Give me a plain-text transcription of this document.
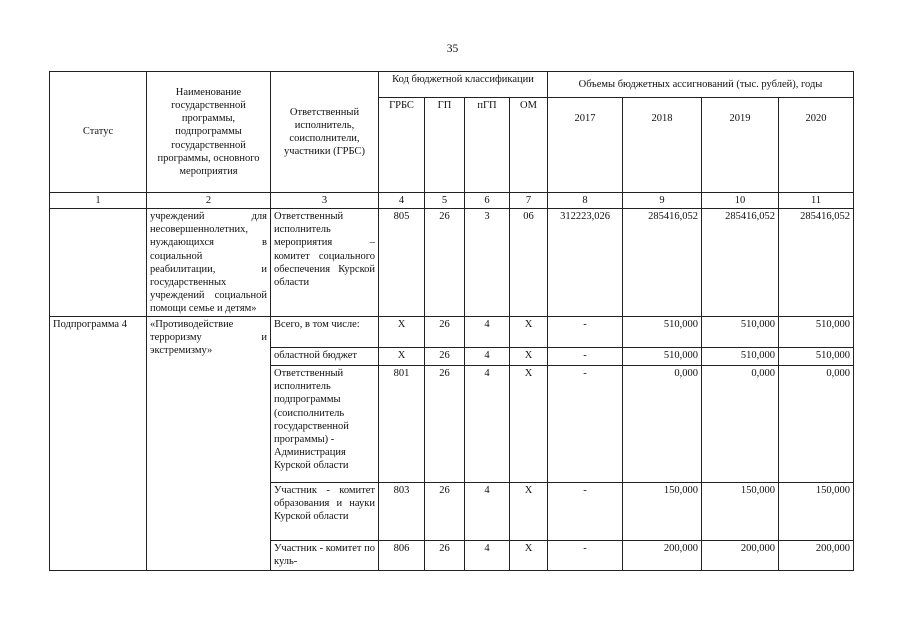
35
Статус	Наименование государственной программы, подпрограммы государственной программы, основного мероприятия	Ответственный исполнитель, соисполнители, участники (ГРБС)	Код бюджетной классификации				Объемы бюджетных ассигнований (тыс. рублей), годы			
			ГРБС	ГП	пГП	ОМ	2017	2018	2019	2020
1	2	3	4	5	6	7	8	9	10	11
	учреждений для несовершеннолетних, нуждающихся в социальной реабилитации, и государственных учреждений социальной помощи семье и детям»	Ответственный исполнитель мероприятия – комитет социального обеспечения Курской области	805	26	3	06	312223,026	285416,052	285416,052	285416,052
Подпрограмма 4	«Противодействие терроризму и экстремизму»	Всего, в том числе:	Х	26	4	Х	-	510,000	510,000	510,000
		областной бюджет	Х	26	4	Х	-	510,000	510,000	510,000
		Ответственный исполнитель подпрограммы (соисполнитель государственной программы) - Администрация Курской области	801	26	4	Х	-	0,000	0,000	0,000
		Участник - комитет образования и науки Курской области	803	26	4	Х	-	150,000	150,000	150,000
		Участник - комитет по куль-	806	26	4	Х	-	200,000	200,000	200,000
